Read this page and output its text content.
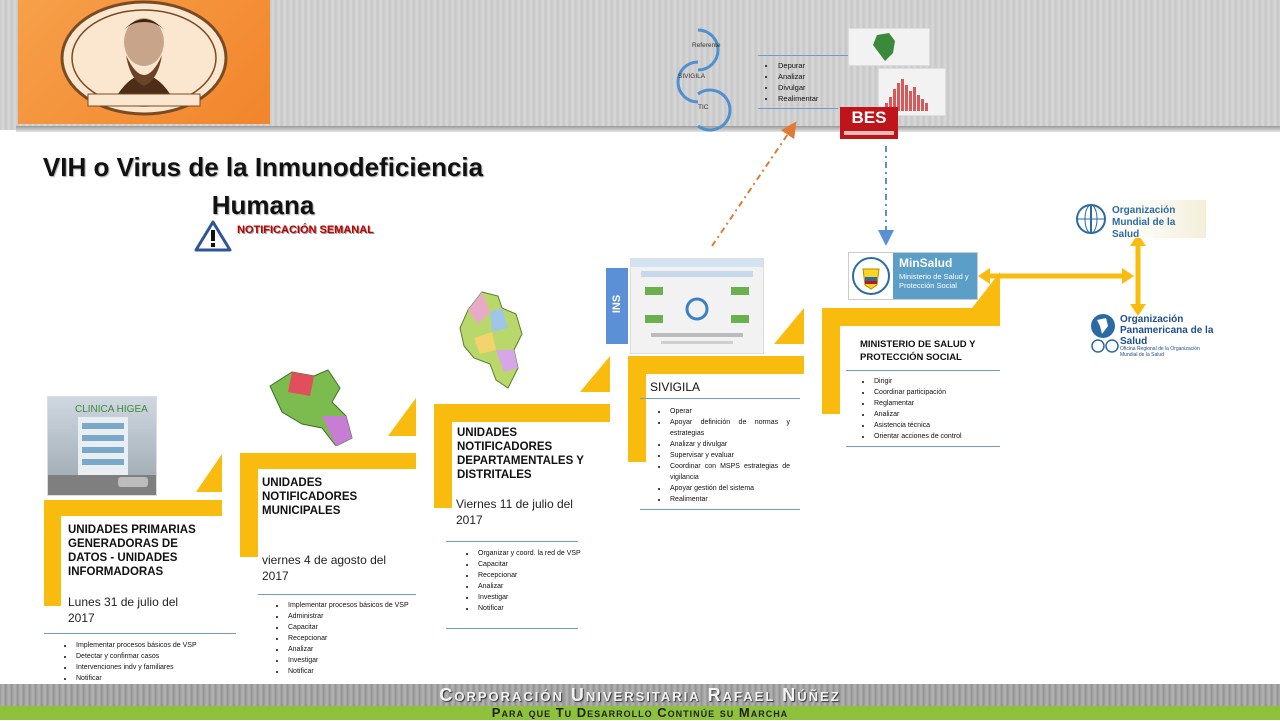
VIH o Virus de la Inmunodeficiencia Humana
NOTIFICACIÓN SEMANAL
Referente
SIVIGILA
TIC
• Depurar
• Analizar
• Divulgar
• Realimentar
BES
CLINICA HIGEA
UNIDADES PRIMARIAS GENERADORAS DE DATOS - UNIDADES INFORMADORAS
Lunes 31 de julio del 2017
• Implementar procesos básicos de VSP
• Detectar y confirmar casos
• Intervenciones indv y familiares
• Notificar
•
UNIDADES NOTIFICADORES MUNICIPALES
viernes 4 de agosto del 2017
• Implementar procesos básicos de VSP
• Administrar
• Capacitar
• Recepcionar
• Analizar
• Investigar
• Notificar
UNIDADES NOTIFICADORES DEPARTAMENTALES Y DISTRITALES
Viernes 11 de julio del 2017
• Organizar y coord. la red de VSP
• Capacitar
• Recepcionar
• Analizar
• Investigar
• Notificar
INS
SIVIGILA
• Operar
• Apoyar definición de normas y estrategias
• Analizar y divulgar
• Supervisar y evaluar
• Coordinar con MSPS estrategias de vigilancia
• Apoyar gestión del sistema
• Realimentar
MinSalud
Ministerio de Salud y Protección Social
MINISTERIO DE SALUD Y PROTECCIÓN SOCIAL
• Dirigir
• Coordinar participación
• Reglamentar
• Analizar
• Asistencia técnica
• Orientar acciones de control
Organización Mundial de la Salud
Organización Panamericana de la Salud
Oficina Regional de la Organización Mundial de la Salud
Corporación Universitaria Rafael Núñez
Para que Tu Desarrollo Continúe su Marcha
